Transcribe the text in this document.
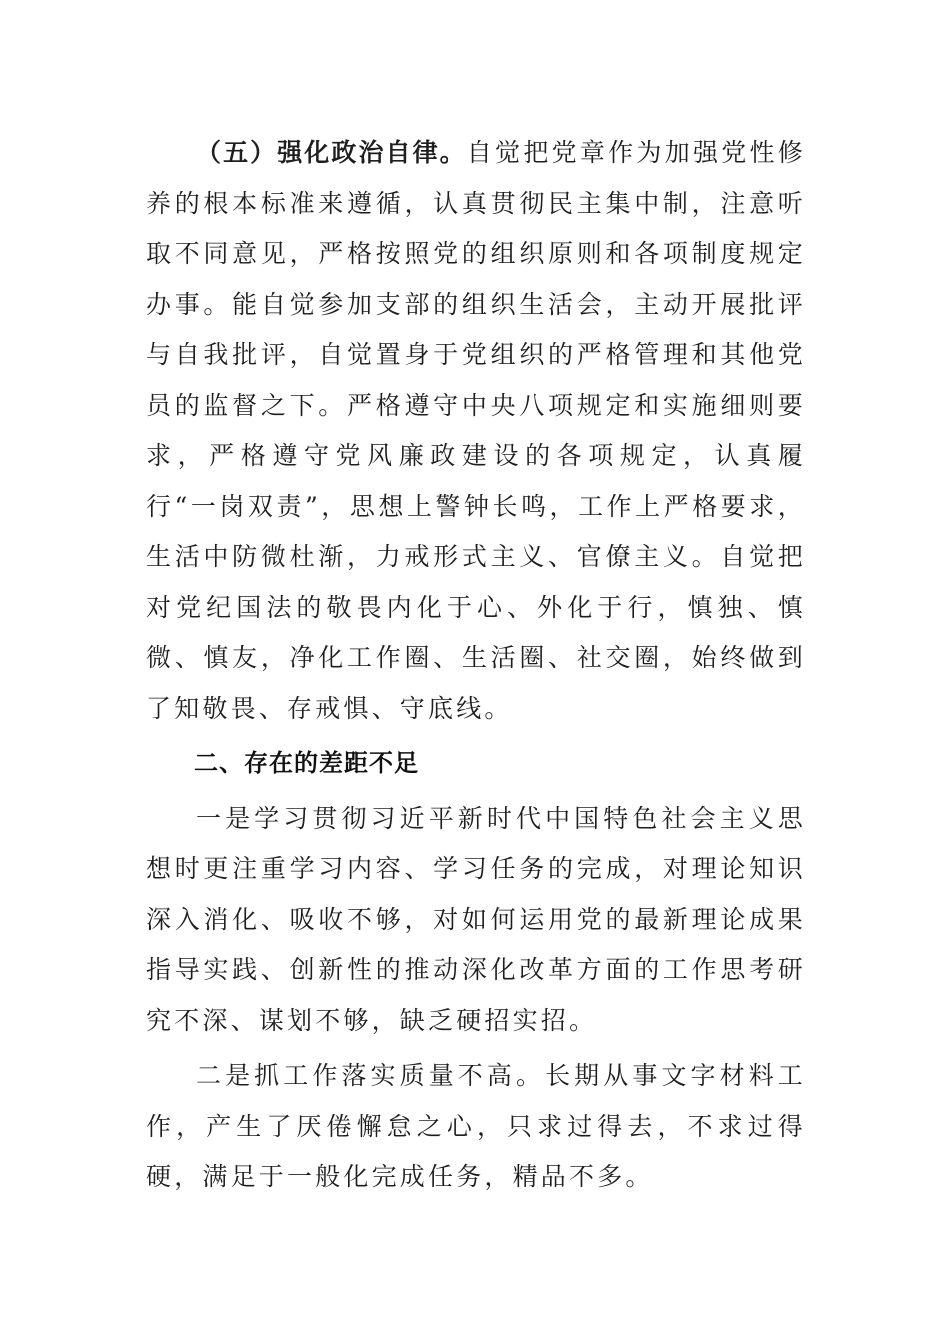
（五）强化政治自律。自觉把党章作为加强党性修养的根本标准来遵循，认真贯彻民主集中制，注意听取不同意见，严格按照党的组织原则和各项制度规定办事。能自觉参加支部的组织生活会，主动开展批评与自我批评，自觉置身于党组织的严格管理和其他党员的监督之下。严格遵守中央八项规定和实施细则要求，严格遵守党风廉政建设的各项规定，认真履行“一岗双责”，思想上警钟长鸣，工作上严格要求，生活中防微杜渐，力戒形式主义、官僚主义。自觉把对党纪国法的敬畏内化于心、外化于行，慎独、慎微、慎友，净化工作圈、生活圈、社交圈，始终做到了知敬畏、存戒惧、守底线。

二、存在的差距不足

一是学习贯彻习近平新时代中国特色社会主义思想时更注重学习内容、学习任务的完成，对理论知识深入消化、吸收不够，对如何运用党的最新理论成果指导实践、创新性的推动深化改革方面的工作思考研究不深、谋划不够，缺乏硬招实招。

二是抓工作落实质量不高。长期从事文字材料工作，产生了厌倦懈怠之心，只求过得去，不求过得硬，满足于一般化完成任务，精品不多。
